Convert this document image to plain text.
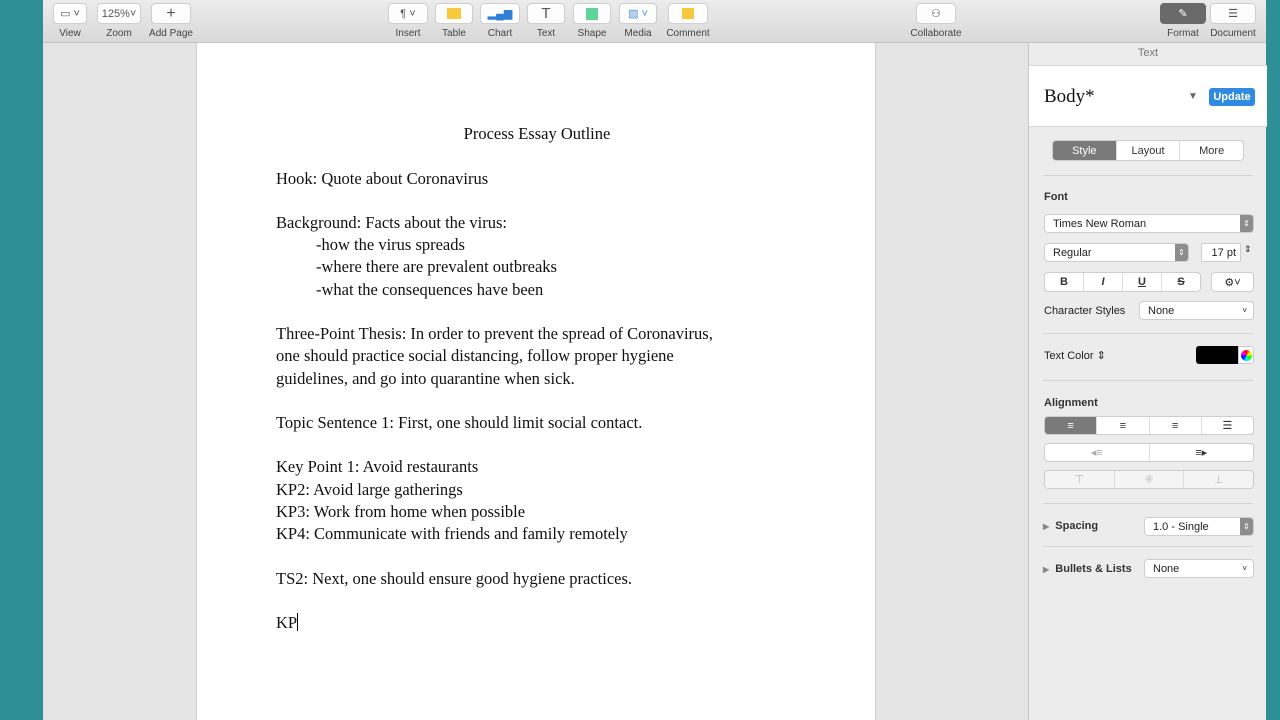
▭ ˅
View
125% ˅
Zoom
+
Add Page
¶ ˅
Insert	Table
▂▄▆
Chart
T
Text	Shape
▨ ˅
Media	Comment
⚇
Collaborate
✎
Format
☰
Document
Process Essay Outline
Hook: Quote about Coronavirus
Background: Facts about the virus:
-how the virus spreads
-where there are prevalent outbreaks
-what the consequences have been
Three-Point Thesis: In order to prevent the spread of Coronavirus,
one should practice social distancing, follow proper hygiene
guidelines, and go into quarantine when sick.
Topic Sentence 1: First, one should limit social contact.
Key Point 1: Avoid restaurants
KP2: Avoid large gatherings
KP3: Work from home when possible
KP4: Communicate with friends and family remotely
TS2: Next, one should ensure good hygiene practices.
KP
Text
Body*	▼	Update
Style	Layout	More
Font
Times New Roman	⇕
Regular	⇕ 17 pt ⇕
B	I	U	S	⚙˅
Character Styles None	˅
Text Color ⇕
Alignment
≡	≡	≡	☰
◂≡	≡▸
⊤	⁜	⊥
▶ Spacing	1.0 - Single	⇕
▶ Bullets & Lists None	˅
